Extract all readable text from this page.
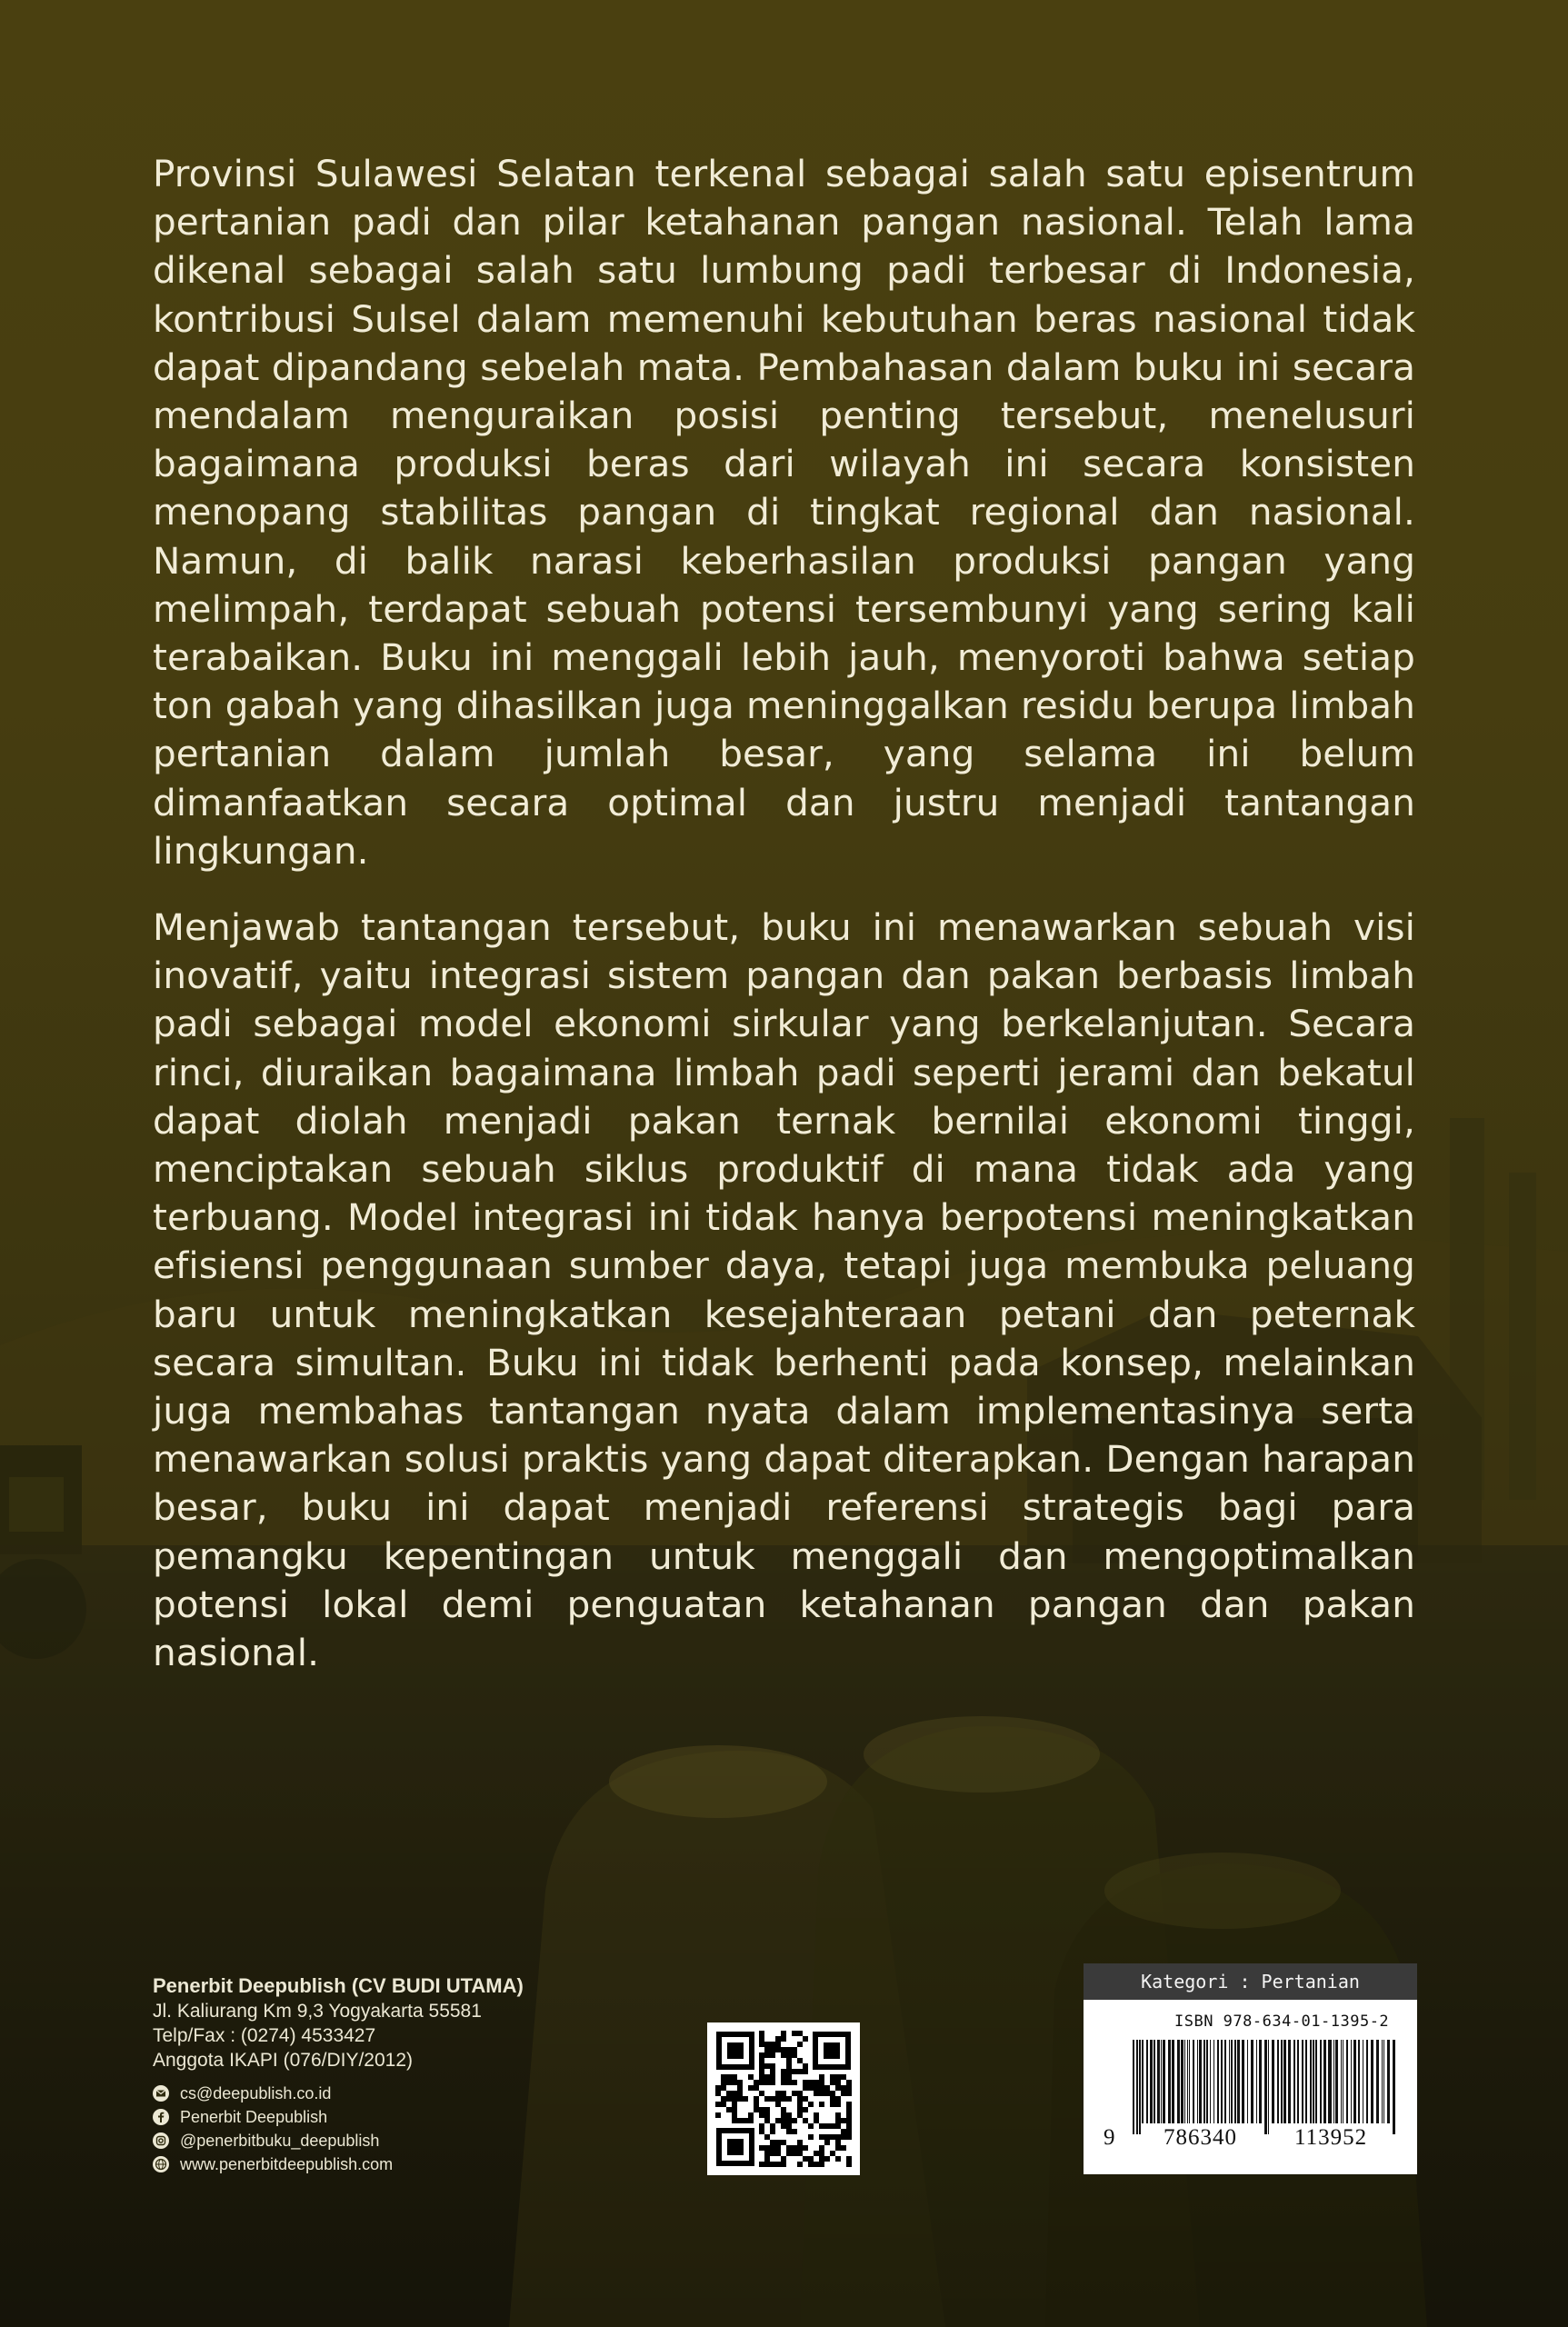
Provinsi Sulawesi Selatan terkenal sebagai salah satu episentrum pertanian padi dan pilar ketahanan pangan nasional. Telah lama dikenal sebagai salah satu lumbung padi terbesar di Indonesia, kontribusi Sulsel dalam memenuhi kebutuhan beras nasional tidak dapat dipandang sebelah mata. Pembahasan dalam buku ini secara mendalam menguraikan posisi penting tersebut, menelusuri bagaimana produksi beras dari wilayah ini secara konsisten menopang stabilitas pangan di tingkat regional dan nasional. Namun, di balik narasi keberhasilan produksi pangan yang melimpah, terdapat sebuah potensi tersembunyi yang sering kali terabaikan. Buku ini menggali lebih jauh, menyoroti bahwa setiap ton gabah yang dihasilkan juga meninggalkan residu berupa limbah pertanian dalam jumlah besar, yang selama ini belum dimanfaatkan secara optimal dan justru menjadi tantangan lingkungan.

Menjawab tantangan tersebut, buku ini menawarkan sebuah visi inovatif, yaitu integrasi sistem pangan dan pakan berbasis limbah padi sebagai model ekonomi sirkular yang berkelanjutan. Secara rinci, diuraikan bagaimana limbah padi seperti jerami dan bekatul dapat diolah menjadi pakan ternak bernilai ekonomi tinggi, menciptakan sebuah siklus produktif di mana tidak ada yang terbuang. Model integrasi ini tidak hanya berpotensi meningkatkan efisiensi penggunaan sumber daya, tetapi juga membuka peluang baru untuk meningkatkan kesejahteraan petani dan peternak secara simultan. Buku ini tidak berhenti pada konsep, melainkan juga membahas tantangan nyata dalam implementasinya serta menawarkan solusi praktis yang dapat diterapkan. Dengan harapan besar, buku ini dapat menjadi referensi strategis bagi para pemangku kepentingan untuk menggali dan mengoptimalkan potensi lokal demi penguatan ketahanan pangan dan pakan nasional.

Penerbit Deepublish (CV BUDI UTAMA)
Jl. Kaliurang Km 9,3 Yogyakarta 55581
Telp/Fax : (0274) 4533427
Anggota IKAPI (076/DIY/2012)
cs@deepublish.co.id
Penerbit Deepublish
@penerbitbuku_deepublish
www.penerbitdeepublish.com
Kategori : Pertanian
ISBN 978-634-01-1395-2
9 786340	113952
